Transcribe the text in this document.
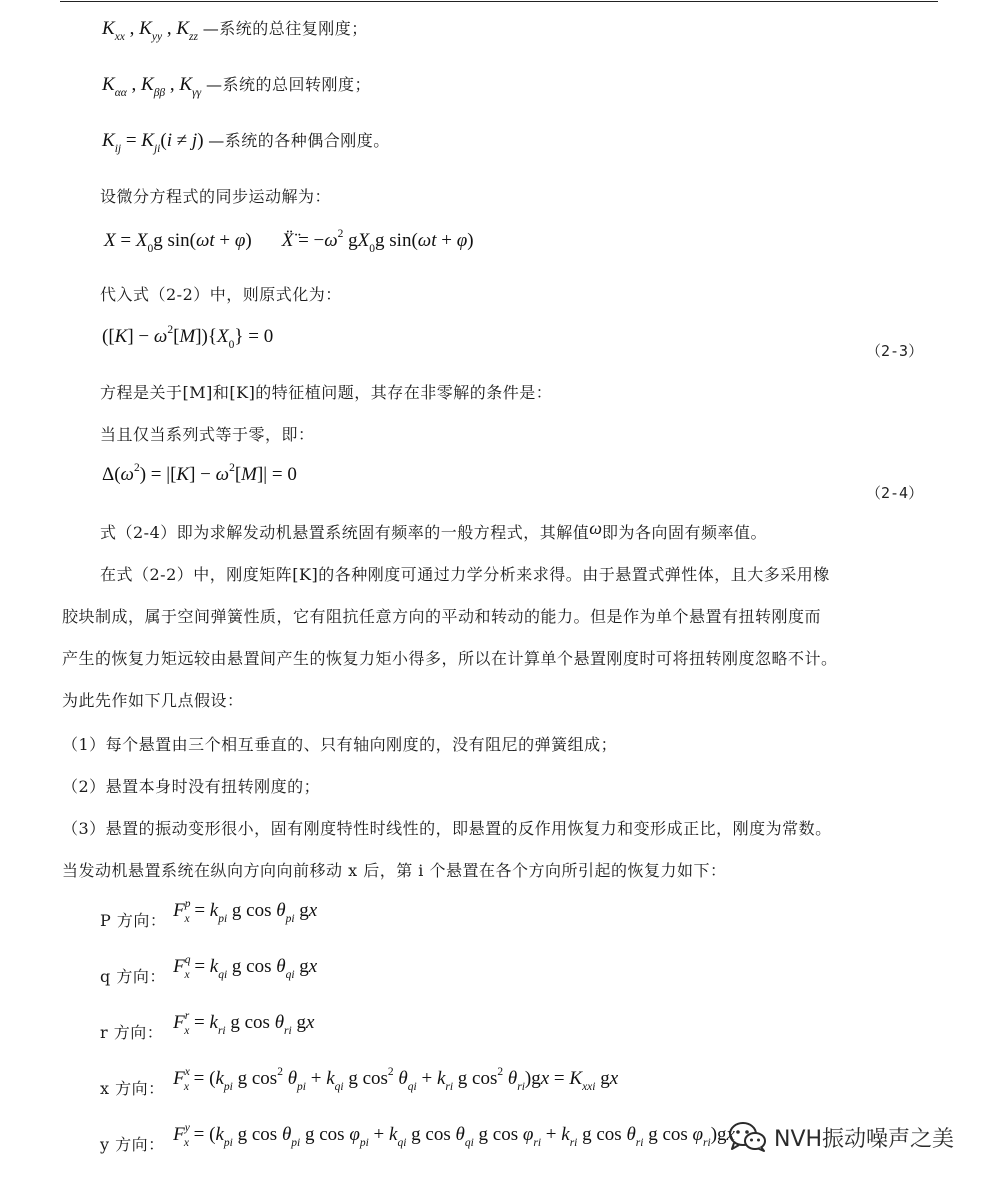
$K_{xx}$ , $K_{yy}$ , $K_{zz}$ —系统的总往复刚度；
$K_{\alpha\alpha}$ , $K_{\beta\beta}$ , $K_{\gamma\gamma}$ —系统的总回转刚度；
$K_{ij} = K_{ji}(i \ne j)$ —系统的各种偶合刚度。
设微分方程式的同步运动解为：
$X = X_0g$ sin(ωt + φ) Ẍ̈ = $-\omega^2$ $gX_0g$ sin(ωt + φ)
代入式（2-2）中，则原式化为：
$([K] - \omega^2[M])\{X_0\} = 0$
（2-3）
方程是关于[M]和[K]的特征植问题，其存在非零解的条件是：
当且仅当系列式等于零，即：
$\Delta(\omega^2) = |[K] - \omega^2[M]| = 0$
（2-4）
式（2-4）即为求解发动机悬置系统固有频率的一般方程式，其解值ω即为各向固有频率值。
在式（2-2）中，刚度矩阵[K]的各种刚度可通过力学分析来求得。由于悬置式弹性体，且大多采用橡
胶块制成，属于空间弹簧性质，它有阻抗任意方向的平动和转动的能力。但是作为单个悬置有扭转刚度而
产生的恢复力矩远较由悬置间产生的恢复力矩小得多，所以在计算单个悬置刚度时可将扭转刚度忽略不计。
为此先作如下几点假设：
（1）每个悬置由三个相互垂直的、只有轴向刚度的，没有阻尼的弹簧组成；
（2）悬置本身时没有扭转刚度的；
（3）悬置的振动变形很小，固有刚度特性时线性的，即悬置的反作用恢复力和变形成正比，刚度为常数。
当发动机悬置系统在纵向方向向前移动 x 后，第 i 个悬置在各个方向所引起的恢复力如下：
P 方向： $F^p_x = k_{pi}$ g $\cos \theta_{pi}$ gx
q 方向： $F^q_x = k_{qi}$ g $\cos \theta_{qi}$ gx
r 方向： $F^r_x = k_{ri}$ g $\cos \theta_{ri}$ gx
x 方向： $F^x_x = (k_{pi}$ g $\cos^2 \theta_{pi} + k_{qi}$ g $\cos^2 \theta_{qi} + k_{ri}$ g $\cos^2 \theta_{ri})gx = K_{xxi}$ gx
y 方向： $F^y_x = (k_{pi}$ g $\cos \theta_{pi}$ g $\cos \varphi_{pi} + k_{qi}$ g $\cos \theta_{qi}$ g $\cos \varphi_{ri} + k_{ri}$ g $\cos \theta_{ri}$ g $\cos \varphi_{ri})gx$ NVH振动噪声之美
